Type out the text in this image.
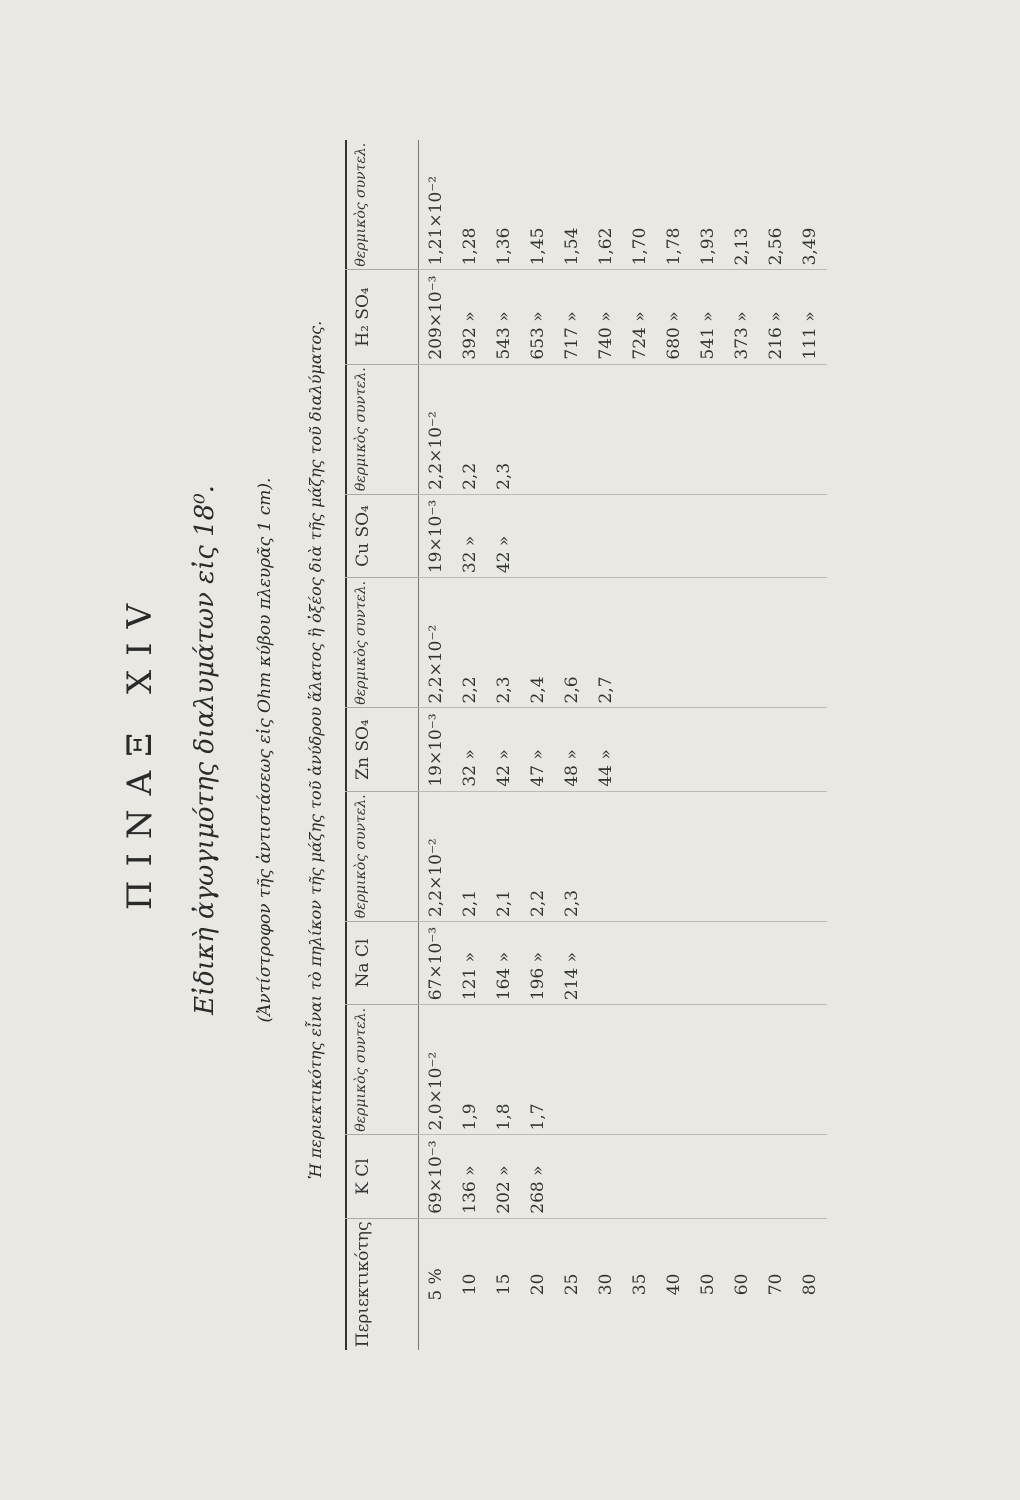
ΠΙΝΑΞ XIV Εἰδικὴ ἀγωγιμότης διαλυμάτων εἰς 18⁰. (Ἀντίστροφον τῆς ἀντιστάσεως εἰς Ohm κύβου πλευρᾶς 1 cm). Ἡ περιεκτικότης εἶναι τὸ πηλίκον τῆς μάζης τοῦ ἀνύδρου ἅλατος ἢ ὀξέος διὰ τῆς μάζης τοῦ διαλύματος.
Περιεκτικότης	K Cl	θερμικὸς συντελ.	Na Cl	θερμικὸς συντελ.	Zn SO₄	θερμικὸς συντελ.	Cu SO₄	θερμικὸς συντελ.	H₂ SO₄	θερμικὸς συντελ.
5 %	69×10⁻³	2,0×10⁻²	67×10⁻³	2,2×10⁻²	19×10⁻³	2,2×10⁻²	19×10⁻³	2,2×10⁻²	209×10⁻³	1,21×10⁻²
10	136 »	1,9	121 »	2,1	32 »	2,2	32 »	2,2	392 »	1,28
15	202 »	1,8	164 »	2,1	42 »	2,3	42 »	2,3	543 »	1,36
20	268 »	1,7	196 »	2,2	47 »	2,4			653 »	1,45
25			214 »	2,3	48 »	2,6			717 »	1,54
30					44 »	2,7			740 »	1,62
35									724 »	1,70
40									680 »	1,78
50									541 »	1,93
60									373 »	2,13
70									216 »	2,56
80									111 »	3,49
